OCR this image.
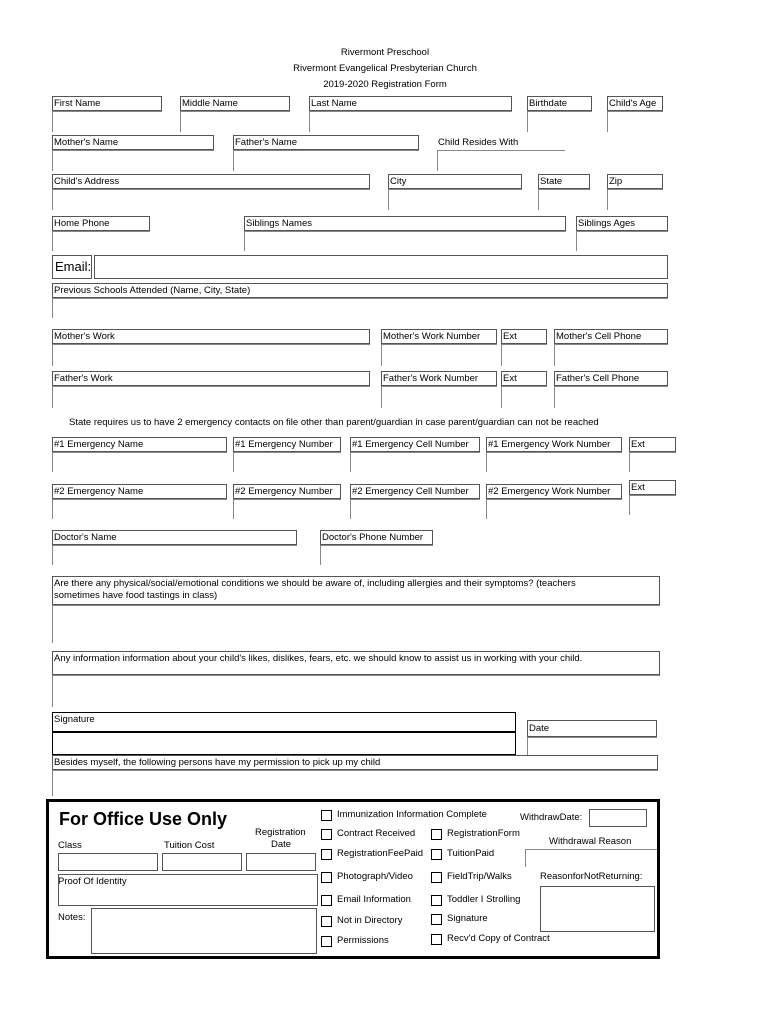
Rivermont Preschool
Rivermont Evangelical Presbyterian Church
2019-2020 Registration Form
First Name	Middle Name	Last Name	Birthdate	Child's Age
Mother's Name	Father's Name	Child Resides With
Child's Address	City	State	Zip
Home Phone	Siblings Names	Siblings Ages
Email:
Previous Schools Attended (Name, City, State)
Mother's Work	Mother's Work Number	Ext	Mother's Cell Phone
Father's Work	Father's Work Number	Ext	Father's Cell Phone
State requires us to have 2 emergency contacts on file other than parent/guardian in case parent/guardian can not be reached
#1 Emergency Name	#1 Emergency Number	#1 Emergency Cell Number	#1 Emergency Work Number	Ext
#2 Emergency Name	#2 Emergency Number	#2 Emergency Cell Number	#2 Emergency Work Number	Ext
Doctor's Name	Doctor's Phone Number
Are there any physical/social/emotional conditions we should be aware of, including allergies and their symptoms? (teachers sometimes have food tastings in class)
Any information information about your child's likes, dislikes, fears, etc. we should know to assist us in working with your child.
Signature
Date
Besides myself, the following persons have my permission to pick up my child
For Office Use Only
Class	Tuition Cost
Registration
Date
Proof Of Identity
Notes:
Immunization Information Complete
Contract Received
RegistrationFeePaid
Photograph/Video
Email Information
Not in Directory
Permissions
RegistrationForm
TuitionPaid
FieldTrip/Walks
Toddler I Strolling
Signature
Recv'd Copy of Contract
WithdrawDate:
Withdrawal Reason
ReasonforNotReturning:
